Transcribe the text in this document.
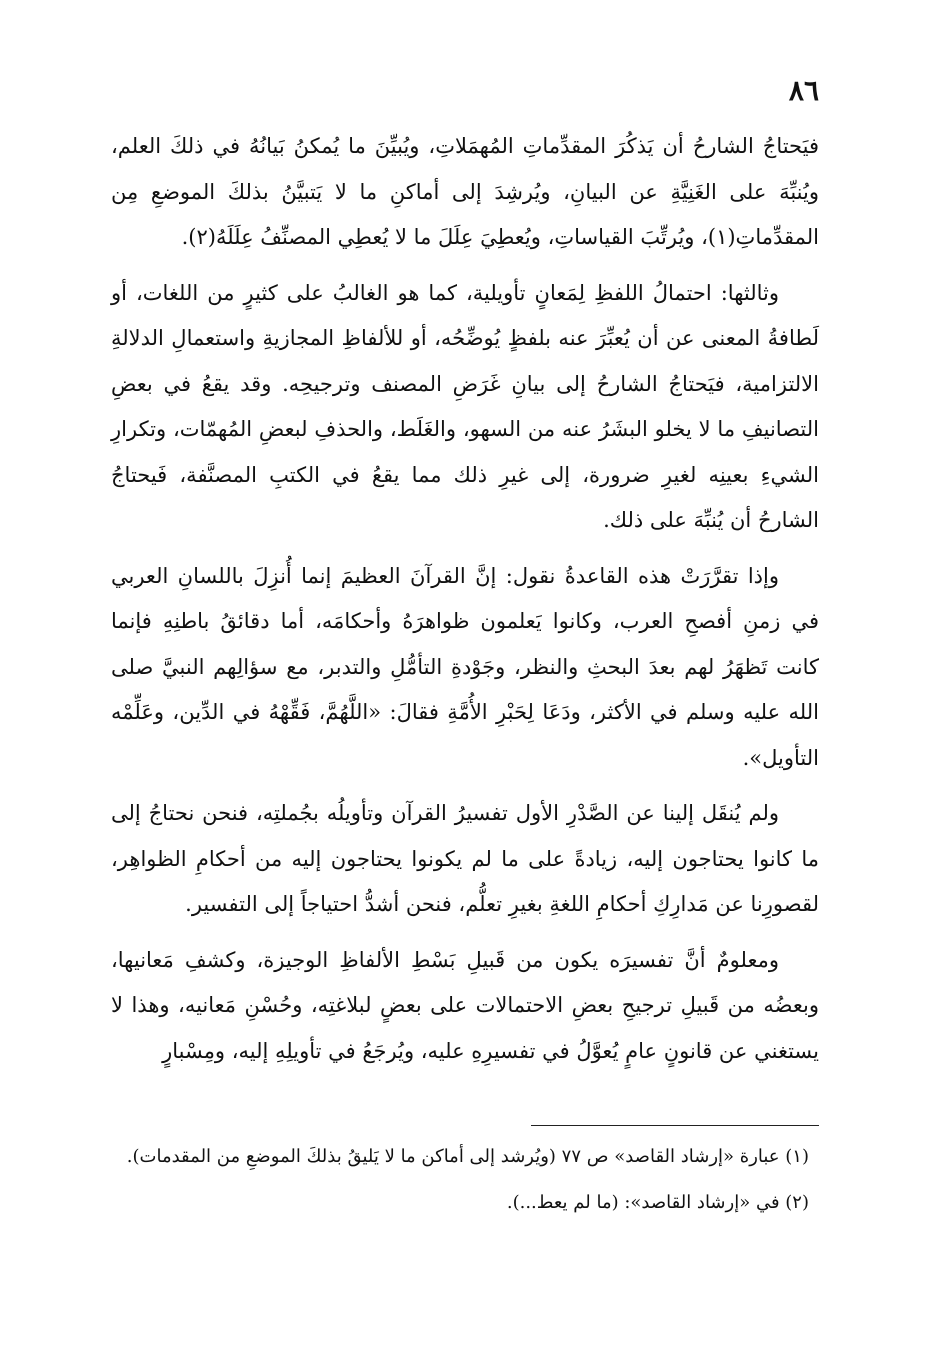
٨٦

فيَحتاجُ الشارحُ أن يَذكُرَ المقدِّماتِ المُهمَلاتِ، ويُبيِّنَ ما يُمكنُ بَيانُهُ في ذلكَ العلم، ويُنبِّهَ على الغَنِيَّةِ عن البيانِ، ويُرشِدَ إلى أماكنِ ما لا يَتبيَّنُ بذلكَ الموضعِ مِن المقدِّماتِ(١)، ويُرتِّبَ القياساتِ، ويُعطِيَ عِلَلَ ما لا يُعطِي المصنِّفُ عِلَلَهُ(٢).

وثالثها: احتمالُ اللفظِ لِمَعانٍ تأويلية، كما هو الغالبُ على كثيرٍ من اللغات، أو لَطافةُ المعنى عن أن يُعبِّرَ عنه بلفظٍ يُوضِّحُه، أو للألفاظِ المجازيةِ واستعمالِ الدلالةِ الالتزامية، فيَحتاجُ الشارحُ إلى بيانِ غَرَضِ المصنف وترجيحِه. وقد يقعُ في بعضِ التصانيفِ ما لا يخلو البشَرُ عنه من السهو، والغَلَط، والحذفِ لبعضِ المُهمّات، وتكرارِ الشيءِ بعينِه لغيرِ ضرورة، إلى غيرِ ذلك مما يقعُ في الكتبِ المصنَّفة، فَيحتاجُ الشارحُ أن يُنبِّهَ على ذلك.

وإذا تقرَّرَتْ هذه القاعدةُ نقول: إنَّ القرآنَ العظيمَ إنما أُنزِلَ باللسانِ العربي في زمنِ أفصحِ العرب، وكانوا يَعلمون ظواهرَهُ وأحكامَه، أما دقائقُ باطنِهِ فإنما كانت تَظهَرُ لهم بعدَ البحثِ والنظر، وجَوْدةِ التأمُّلِ والتدبر، مع سؤالِهم النبيَّ صلى الله عليه وسلم في الأكثر، ودَعَا لِحَبْرِ الأُمَّةِ فقالَ: «اللَّهُمَّ، فَقِّهْهُ في الدِّين، وعَلِّمْه التأويل».

ولم يُنقَل إلينا عن الصَّدْرِ الأول تفسيرُ القرآن وتأويلُه بجُملتِه، فنحن نحتاجُ إلى ما كانوا يحتاجون إليه، زيادةً على ما لم يكونوا يحتاجون إليه من أحكامِ الظواهِر، لقصورِنا عن مَدارِكِ أحكامِ اللغةِ بغيرِ تعلُّم، فنحن أشدُّ احتياجاً إلى التفسير.

ومعلومٌ أنَّ تفسيرَه يكون من قَبيلِ بَسْطِ الألفاظِ الوجيزة، وكشفِ مَعانيها، وبعضُه من قَبيلِ ترجيحِ بعضِ الاحتمالات على بعضٍ لبلاغتِه، وحُسْنِ مَعانيه، وهذا لا يستغني عن قانونٍ عامٍ يُعوَّلُ في تفسيرِهِ عليه، ويُرجَعُ في تأويلِهِ إليه، ومِسْبارٍ

(١) عبارة «إرشاد القاصد» ص ٧٧ (ويُرشد إلى أماكن ما لا يَليقُ بذلكَ الموضعِ من المقدمات).

(٢) في «إرشاد القاصد»: (ما لم يعط...).
